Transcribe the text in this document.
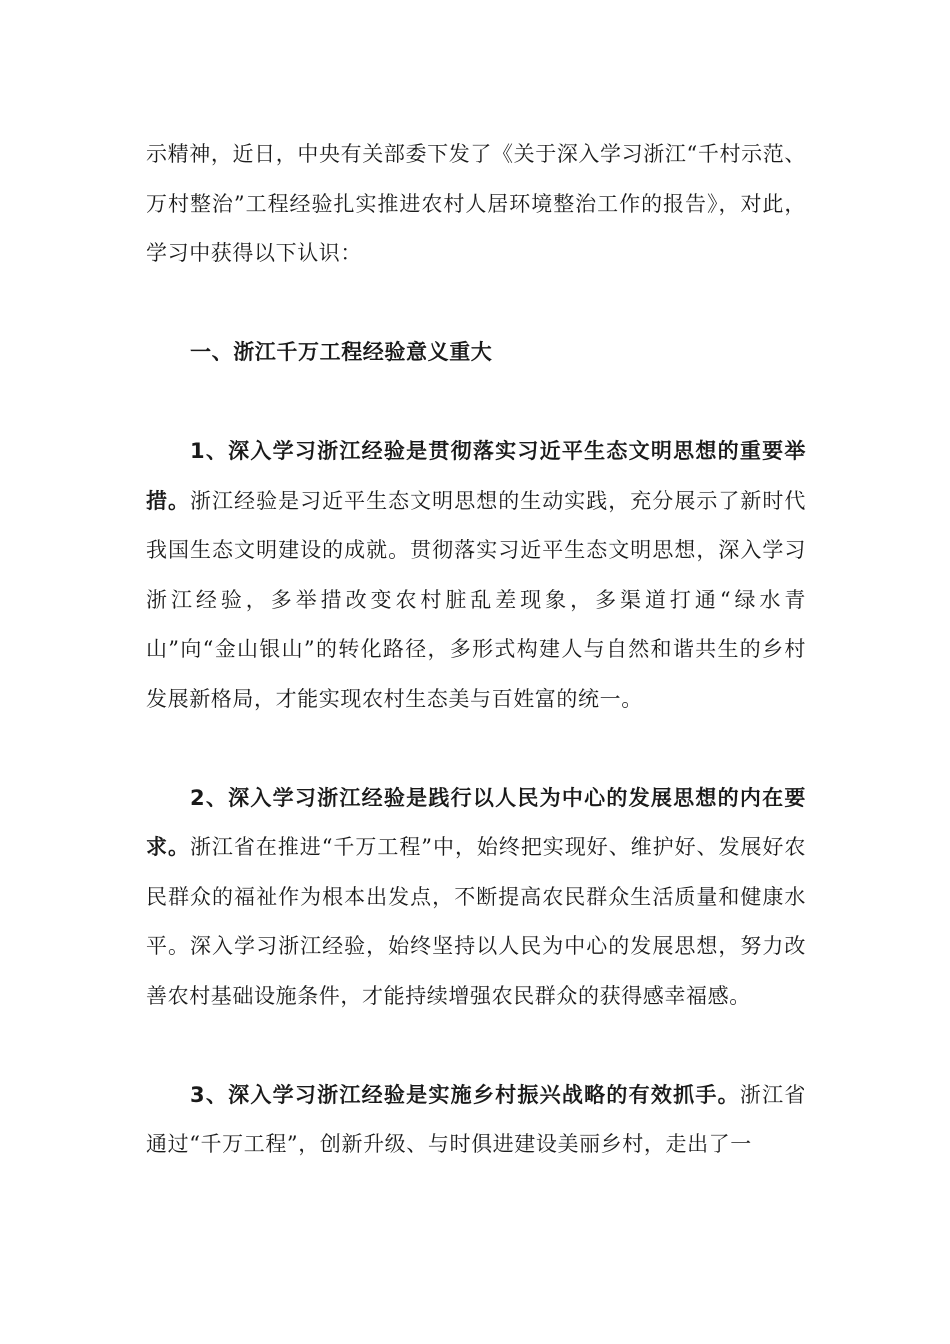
示精神，近日，中央有关部委下发了《关于深入学习浙江“千村示范、万村整治”工程经验扎实推进农村人居环境整治工作的报告》，对此，学习中获得以下认识：

一、浙江千万工程经验意义重大

1、深入学习浙江经验是贯彻落实习近平生态文明思想的重要举措。浙江经验是习近平生态文明思想的生动实践，充分展示了新时代我国生态文明建设的成就。贯彻落实习近平生态文明思想，深入学习浙江经验，多举措改变农村脏乱差现象，多渠道打通“绿水青山”向“金山银山”的转化路径，多形式构建人与自然和谐共生的乡村发展新格局，才能实现农村生态美与百姓富的统一。

2、深入学习浙江经验是践行以人民为中心的发展思想的内在要求。浙江省在推进“千万工程”中，始终把实现好、维护好、发展好农民群众的福祉作为根本出发点，不断提高农民群众生活质量和健康水平。深入学习浙江经验，始终坚持以人民为中心的发展思想，努力改善农村基础设施条件，才能持续增强农民群众的获得感幸福感。

3、深入学习浙江经验是实施乡村振兴战略的有效抓手。浙江省通过“千万工程”，创新升级、与时俱进建设美丽乡村，走出了一
